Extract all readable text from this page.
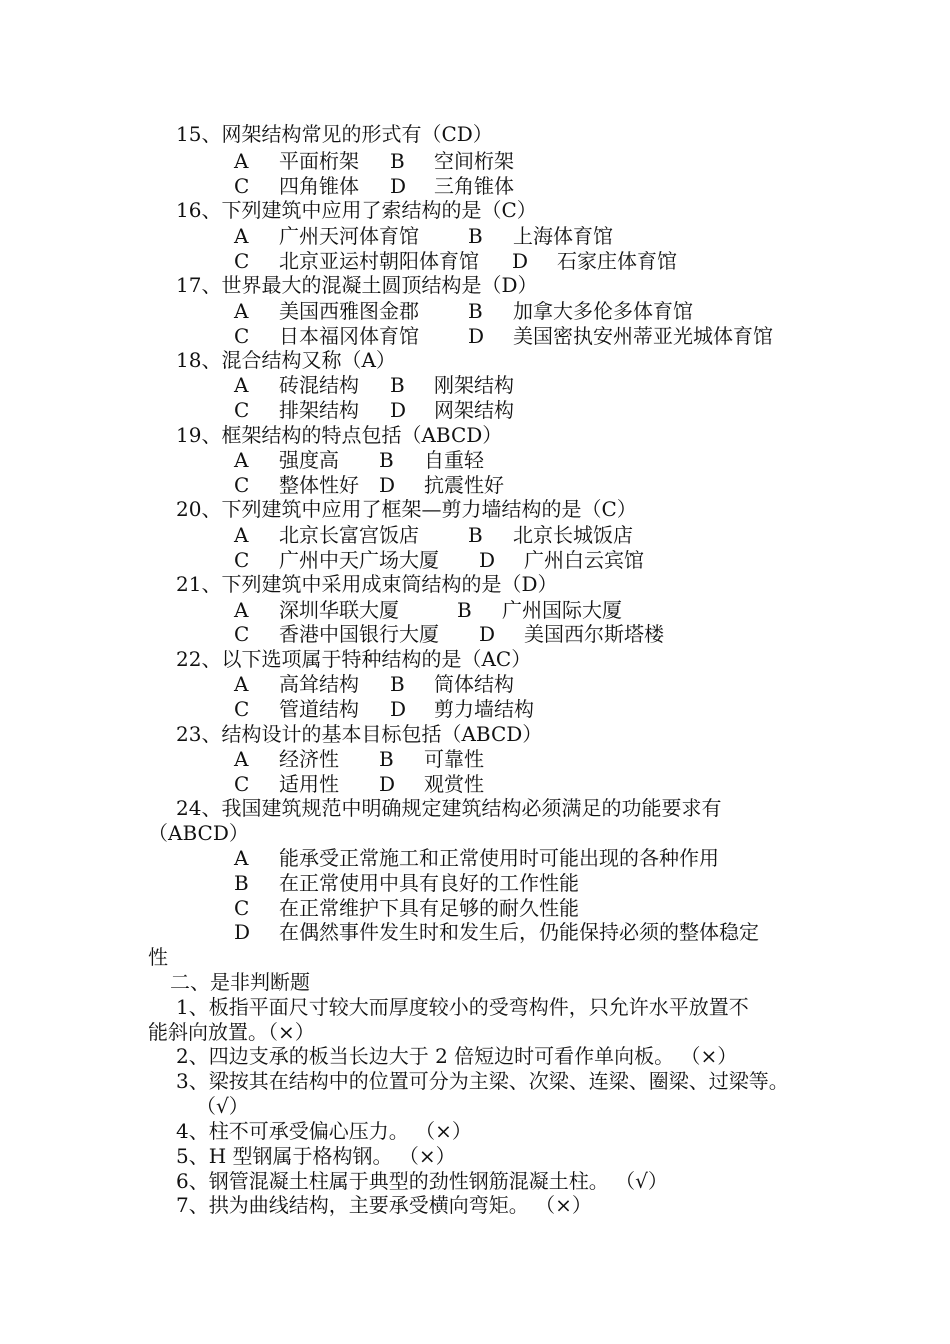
15、网架结构常见的形式有（CD）
A 平面桁架 B 空间桁架
C 四角锥体 D 三角锥体
16、下列建筑中应用了索结构的是（C）
A 广州天河体育馆 B 上海体育馆
C 北京亚运村朝阳体育馆 D 石家庄体育馆
17、世界最大的混凝土圆顶结构是（D）
A 美国西雅图金郡 B 加拿大多伦多体育馆
C 日本福冈体育馆 D 美国密执安州蒂亚光城体育馆
18、混合结构又称（A）
A 砖混结构 B 刚架结构
C 排架结构 D 网架结构
19、框架结构的特点包括（ABCD）
A 强度高 B 自重轻
C 整体性好 D 抗震性好
20、下列建筑中应用了框架—剪力墙结构的是（C）
A 北京长富宫饭店 B 北京长城饭店
C 广州中天广场大厦 D 广州白云宾馆
21、下列建筑中采用成束筒结构的是（D）
A 深圳华联大厦	B 广州国际大厦
C 香港中国银行大厦 D 美国西尔斯塔楼
22、以下选项属于特种结构的是（AC）
A 高耸结构 B 筒体结构
C 管道结构 D 剪力墙结构
23、结构设计的基本目标包括（ABCD）
A 经济性 B 可靠性
C 适用性 D 观赏性
24、我国建筑规范中明确规定建筑结构必须满足的功能要求有
（ABCD）
A 能承受正常施工和正常使用时可能出现的各种作用
B 在正常使用中具有良好的工作性能
C 在正常维护下具有足够的耐久性能
D 在偶然事件发生时和发生后，仍能保持必须的整体稳定
性
二、是非判断题
1、板指平面尺寸较大而厚度较小的受弯构件，只允许水平放置不
能斜向放置。（×）
2、四边支承的板当长边大于 2 倍短边时可看作单向板。 （×）
3、梁按其在结构中的位置可分为主梁、次梁、连梁、圈梁、过梁等。
（√）
4、柱不可承受偏心压力。 （×）
5、H 型钢属于格构钢。 （×）
6、钢管混凝土柱属于典型的劲性钢筋混凝土柱。 （√）
7、拱为曲线结构，主要承受横向弯矩。 （×）
